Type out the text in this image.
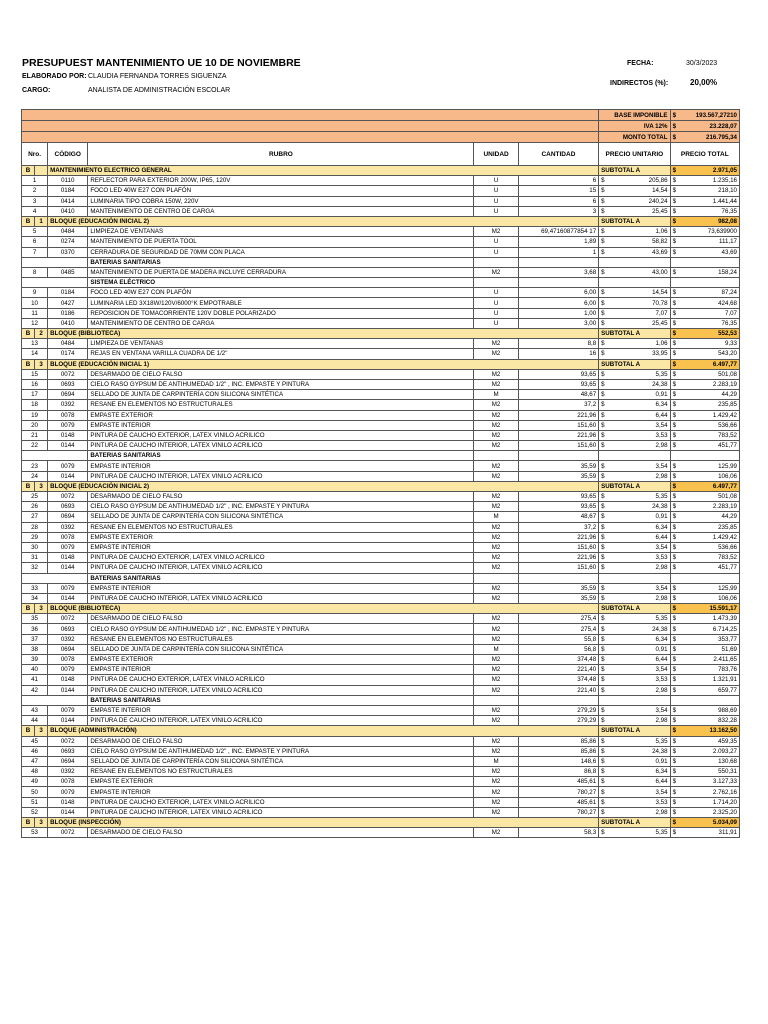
PRESUPUEST MANTENIMIENTO UE 10 DE NOVIEMBRE
ELABORADO POR: CLAUDIA FERNANDA TORRES SIGUENZA
CARGO:	ANALISTA DE ADMINISTRACIÓN ESCOLAR
FECHA:	30/3/2023
INDIRECTOS (%):	20,00%
						BASE IMPONIBLE	$ 193.567,27210

						IVA 12%	$ 23.228,07

						MONTO TOTAL	$ 216.795,34

Nro.		CÓDIGO	RUBRO	UNIDAD	CANTIDAD	PRECIO UNITARIO	PRECIO TOTAL
B		MANTENIMIENTO ELECTRICO GENERAL				SUBTOTAL A	$ 2.971,05

1		0110	REFLECTOR PARA EXTERIOR 200W, IP65, 120V	U	6	$ 205,86	$ 1.235,16

2		0184	FOCO LED 40W E27 CON PLAFÓN	U	15	$ 14,54	$ 218,10

3		0414	LUMINARIA TIPO COBRA 150W, 220V	U	6	$ 240,24	$ 1.441,44

4		0410	MANTENIMIENTO DE CENTRO DE CARGA	U	3	$ 25,45	$ 76,35

B	1	BLOQUE (EDUCACIÓN INICIAL 2)				SUBTOTAL A	$ 982,08

5		0484	LIMPIEZA DE VENTANAS	M2	69,47160877854 17	$ 1,06	$ 73,639900

6		0274	MANTENIMIENTO DE PUERTA TOOL	U	1,89	$ 58,82	$ 111,17

7		0370	CERRADURA DE SEGURIDAD DE 70MM CON PLACA	U	1	$ 43,69	$ 43,69

			BATERIAS SANITARIAS				
8		0485	MANTENIMIENTO DE PUERTA DE MADERA INCLUYE CERRADURA	M2	3,68	$ 43,00	$ 158,24

			SISTEMA ELÉCTRICO				
9		0184	FOCO LED 40W E27 CON PLAFÓN	U	6,00	$ 14,54	$ 87,24

10		0427	LUMINARIA LED 3X18W/120V/6000°K EMPOTRABLE	U	6,00	$ 70,78	$ 424,68

11		0186	REPOSICION DE TOMACORRIENTE 120V DOBLE POLARIZADO	U	1,00	$ 7,07	$ 7,07

12		0410	MANTENIMIENTO DE CENTRO DE CARGA	U	3,00	$ 25,45	$ 76,35

B	2	BLOQUE (BIBLIOTECA)				SUBTOTAL A	$ 552,53

13		0484	LIMPIEZA DE VENTANAS	M2	8,8	$ 1,06	$ 9,33

14		0174	REJAS EN VENTANA VARILLA CUADRA DE 1/2"	M2	16	$ 33,95	$ 543,20

B	3	BLOQUE (EDUCACIÓN INICIAL 1)				SUBTOTAL A	$ 6.497,77

15		0072	DESARMADO DE CIELO FALSO	M2	93,65	$ 5,35	$ 501,08

16		0693	CIELO RASO GYPSUM DE ANTIHUMEDAD 1/2" , INC. EMPASTE Y PINTURA	M2	93,65	$ 24,38	$ 2.283,19

17		0694	SELLADO DE JUNTA DE CARPINTERÍA CON SILICONA SINTÉTICA	M	48,67	$ 0,91	$ 44,29

18		0392	RESANE EN ELEMENTOS NO ESTRUCTURALES	M2	37,2	$ 6,34	$ 235,85

19		0078	EMPASTE EXTERIOR	M2	221,96	$ 6,44	$ 1.429,42

20		0079	EMPASTE INTERIOR	M2	151,60	$ 3,54	$ 536,66

21		0148	PINTURA DE CAUCHO EXTERIOR, LATEX VINILO ACRILICO	M2	221,96	$ 3,53	$ 783,52

22		0144	PINTURA DE CAUCHO INTERIOR, LATEX VINILO ACRILICO	M2	151,60	$ 2,98	$ 451,77

			BATERIAS SANITARIAS				
23		0079	EMPASTE INTERIOR	M2	35,59	$ 3,54	$ 125,99

24		0144	PINTURA DE CAUCHO INTERIOR, LATEX VINILO ACRILICO	M2	35,59	$ 2,98	$ 106,06

B	3	BLOQUE (EDUCACIÓN INICIAL 2)				SUBTOTAL A	$ 6.497,77

25		0072	DESARMADO DE CIELO FALSO	M2	93,65	$ 5,35	$ 501,08

26		0693	CIELO RASO GYPSUM DE ANTIHUMEDAD 1/2" , INC. EMPASTE Y PINTURA	M2	93,65	$ 24,38	$ 2.283,19

27		0694	SELLADO DE JUNTA DE CARPINTERÍA CON SILICONA SINTÉTICA	M	48,67	$ 0,91	$ 44,29

28		0392	RESANE EN ELEMENTOS NO ESTRUCTURALES	M2	37,2	$ 6,34	$ 235,85

29		0078	EMPASTE EXTERIOR	M2	221,96	$ 6,44	$ 1.429,42

30		0079	EMPASTE INTERIOR	M2	151,60	$ 3,54	$ 536,66

31		0148	PINTURA DE CAUCHO EXTERIOR, LATEX VINILO ACRILICO	M2	221,96	$ 3,53	$ 783,52

32		0144	PINTURA DE CAUCHO INTERIOR, LATEX VINILO ACRILICO	M2	151,60	$ 2,98	$ 451,77

			BATERIAS SANITARIAS				
33		0079	EMPASTE INTERIOR	M2	35,59	$ 3,54	$ 125,99

34		0144	PINTURA DE CAUCHO INTERIOR, LATEX VINILO ACRILICO	M2	35,59	$ 2,98	$ 106,06

B	3	BLOQUE (BIBLIOTECA)				SUBTOTAL A	$ 15.591,17

35		0072	DESARMADO DE CIELO FALSO	M2	275,4	$ 5,35	$ 1.473,39

36		0693	CIELO RASO GYPSUM DE ANTIHUMEDAD 1/2" , INC. EMPASTE Y PINTURA	M2	275,4	$ 24,38	$ 6.714,25

37		0392	RESANE EN ELEMENTOS NO ESTRUCTURALES	M2	55,8	$ 6,34	$ 353,77

38		0694	SELLADO DE JUNTA DE CARPINTERÍA CON SILICONA SINTÉTICA	M	56,8	$ 0,91	$ 51,69

39		0078	EMPASTE EXTERIOR	M2	374,48	$ 6,44	$ 2.411,65

40		0079	EMPASTE INTERIOR	M2	221,40	$ 3,54	$ 783,76

41		0148	PINTURA DE CAUCHO EXTERIOR, LATEX VINILO ACRILICO	M2	374,48	$ 3,53	$ 1.321,91

42		0144	PINTURA DE CAUCHO INTERIOR, LATEX VINILO ACRILICO	M2	221,40	$ 2,98	$ 659,77

			BATERIAS SANITARIAS				
43		0079	EMPASTE INTERIOR	M2	279,29	$ 3,54	$ 988,69

44		0144	PINTURA DE CAUCHO INTERIOR, LATEX VINILO ACRILICO	M2	279,29	$ 2,98	$ 832,28

B	3	BLOQUE (ADMINISTRACIÓN)				SUBTOTAL A	$ 13.162,50

45		0072	DESARMADO DE CIELO FALSO	M2	85,86	$ 5,35	$ 459,35

46		0693	CIELO RASO GYPSUM DE ANTIHUMEDAD 1/2" , INC. EMPASTE Y PINTURA	M2	85,86	$ 24,38	$ 2.093,27

47		0694	SELLADO DE JUNTA DE CARPINTERÍA CON SILICONA SINTÉTICA	M	148,6	$ 0,91	$ 130,68

48		0392	RESANE EN ELEMENTOS NO ESTRUCTURALES	M2	86,8	$ 6,34	$ 550,31

49		0078	EMPASTE EXTERIOR	M2	485,61	$ 6,44	$ 3.127,33

50		0079	EMPASTE INTERIOR	M2	780,27	$ 3,54	$ 2.762,16

51		0148	PINTURA DE CAUCHO EXTERIOR, LATEX VINILO ACRILICO	M2	485,61	$ 3,53	$ 1.714,20

52		0144	PINTURA DE CAUCHO INTERIOR, LATEX VINILO ACRILICO	M2	780,27	$ 2,98	$ 2.325,20

B	3	BLOQUE (INSPECCIÓN)				SUBTOTAL A	$ 5.034,09

53		0072	DESARMADO DE CIELO FALSO	M2	58,3	$ 5,35	$ 311,91
